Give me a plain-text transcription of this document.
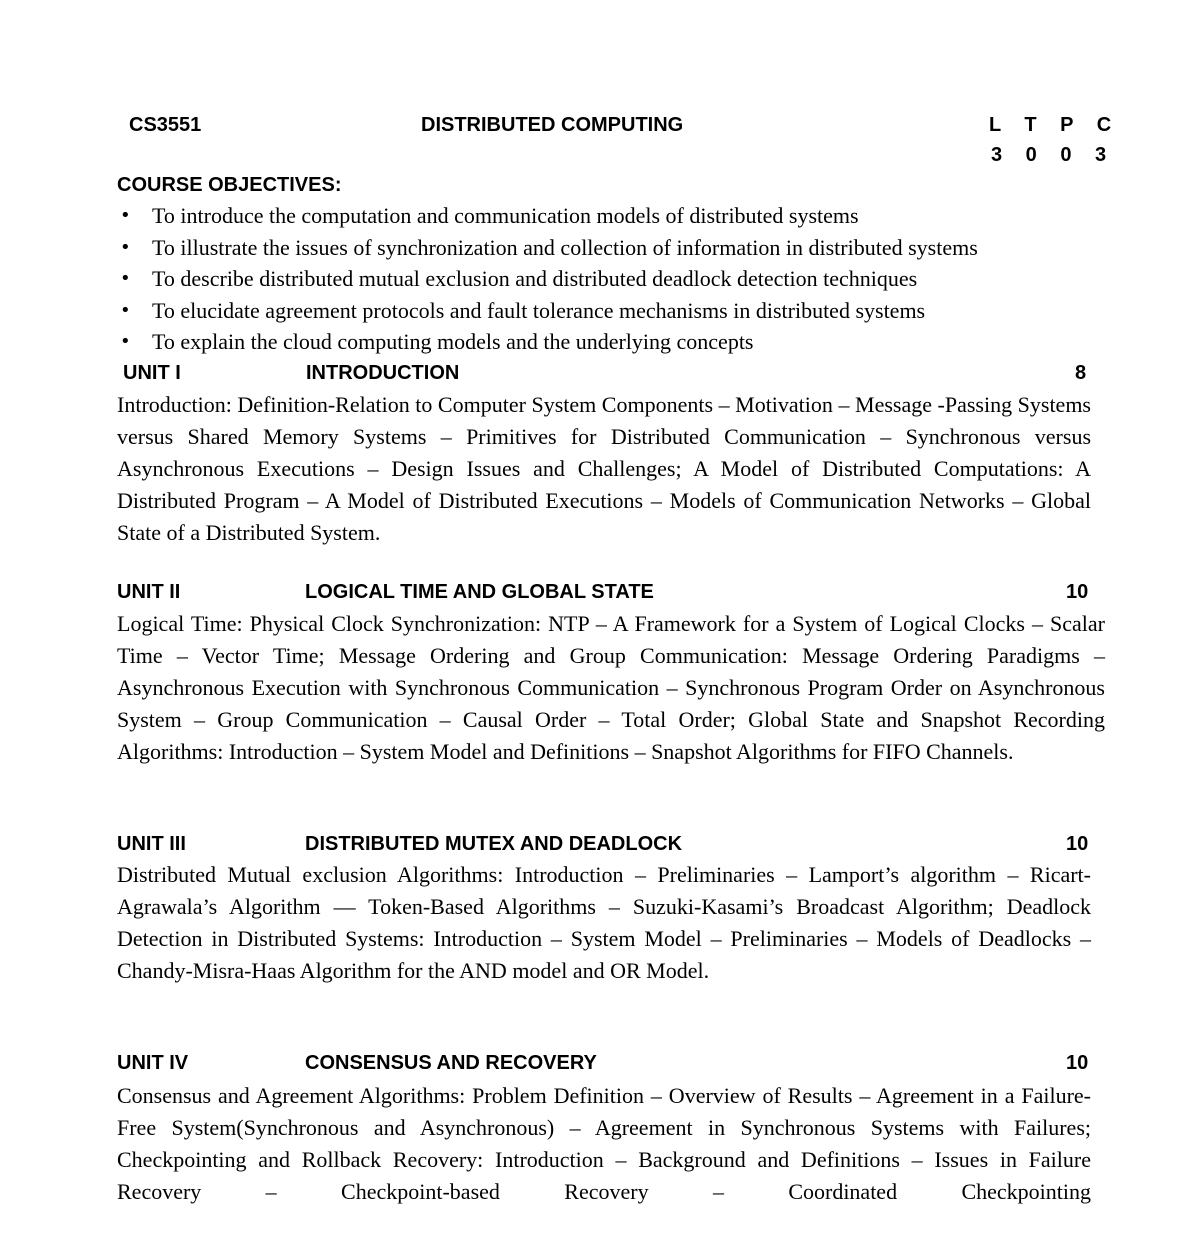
CS3551	DISTRIBUTED COMPUTING	L T P C
3 0 0 3
COURSE OBJECTIVES:
• To introduce the computation and communication models of distributed systems
• To illustrate the issues of synchronization and collection of information in distributed systems
• To describe distributed mutual exclusion and distributed deadlock detection techniques
• To elucidate agreement protocols and fault tolerance mechanisms in distributed systems
• To explain the cloud computing models and the underlying concepts
UNIT I	INTRODUCTION	8

Introduction: Definition-Relation to Computer System Components – Motivation – Message -Passing Systems versus Shared Memory Systems – Primitives for Distributed Communication – Synchronous versus Asynchronous Executions – Design Issues and Challenges; A Model of Distributed Computations: A Distributed Program – A Model of Distributed Executions – Models of Communication Networks – Global State of a Distributed System.

UNIT II	LOGICAL TIME AND GLOBAL STATE	10

Logical Time: Physical Clock Synchronization: NTP – A Framework for a System of Logical Clocks – Scalar Time – Vector Time; Message Ordering and Group Communication: Message Ordering Paradigms – Asynchronous Execution with Synchronous Communication – Synchronous Program Order on Asynchronous System – Group Communication – Causal Order – Total Order; Global State and Snapshot Recording Algorithms: Introduction – System Model and Definitions – Snapshot Algorithms for FIFO Channels.

UNIT III	DISTRIBUTED MUTEX AND DEADLOCK	10

Distributed Mutual exclusion Algorithms: Introduction – Preliminaries – Lamport’s algorithm – Ricart-Agrawala’s Algorithm –– Token-Based Algorithms – Suzuki-Kasami’s Broadcast Algorithm; Deadlock Detection in Distributed Systems: Introduction – System Model – Preliminaries – Models of Deadlocks – Chandy-Misra-Haas Algorithm for the AND model and OR Model.

UNIT IV	CONSENSUS AND RECOVERY	10

Consensus and Agreement Algorithms: Problem Definition – Overview of Results – Agreement in a Failure-Free System(Synchronous and Asynchronous) – Agreement in Synchronous Systems with Failures; Checkpointing and Rollback Recovery: Introduction – Background and Definitions – Issues in Failure Recovery – Checkpoint-based Recovery – Coordinated Checkpointing
